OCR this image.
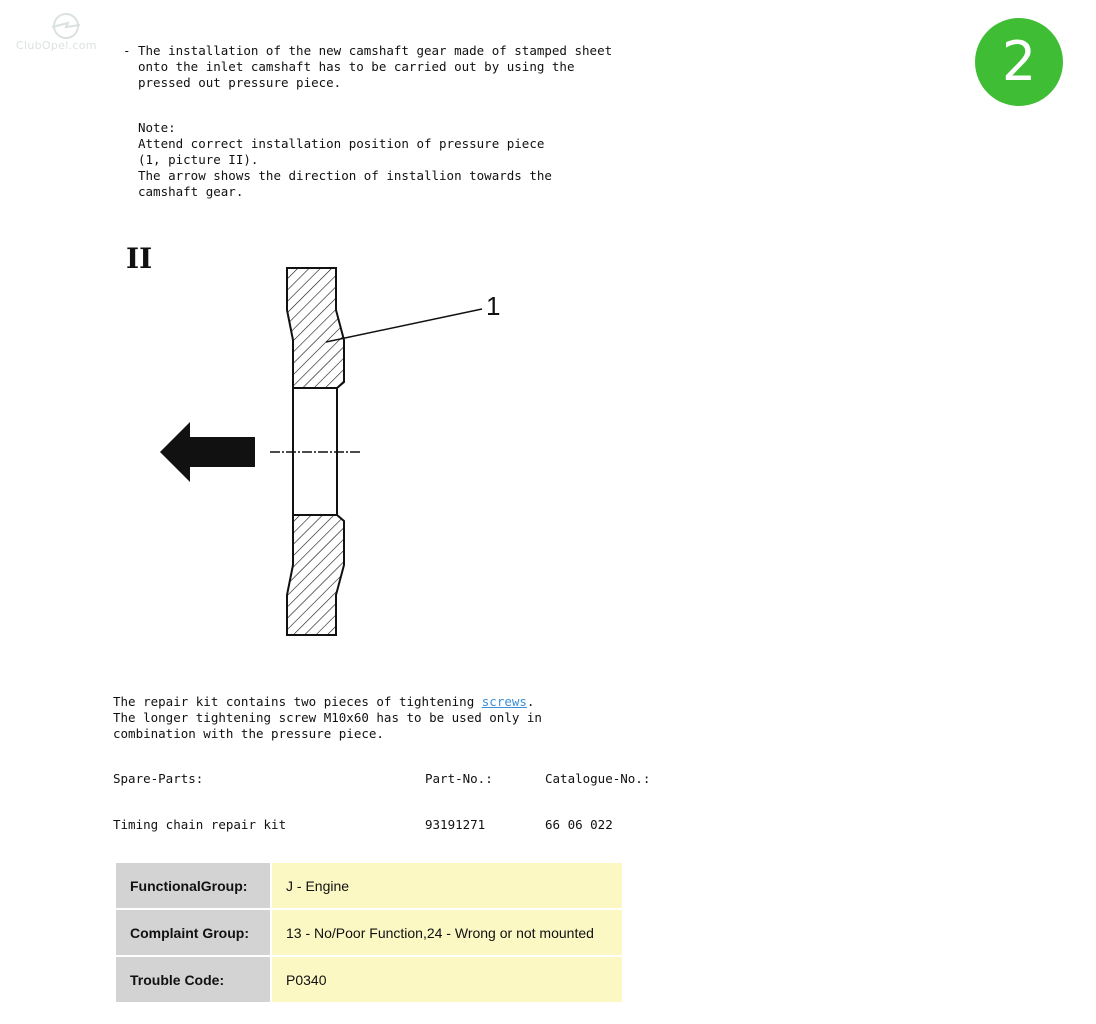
ClubOpel.com	2
- The installation of the new camshaft gear made of stamped sheet
onto the inlet camshaft has to be carried out by using the
pressed out pressure piece.
Note:
Attend correct installation position of pressure piece
(1, picture II).
The arrow shows the direction of installion towards the
camshaft gear.
II
1
The repair kit contains two pieces of tightening screws.
The longer tightening screw M10x60 has to be used only in
combination with the pressure piece.
Spare-Parts:	Part-No.:	Catalogue-No.:
Timing chain repair kit	93191271	66 06 022
FunctionalGroup:	J - Engine
Complaint Group:	13 - No/Poor Function,24 - Wrong or not mounted
Trouble Code:	P0340
